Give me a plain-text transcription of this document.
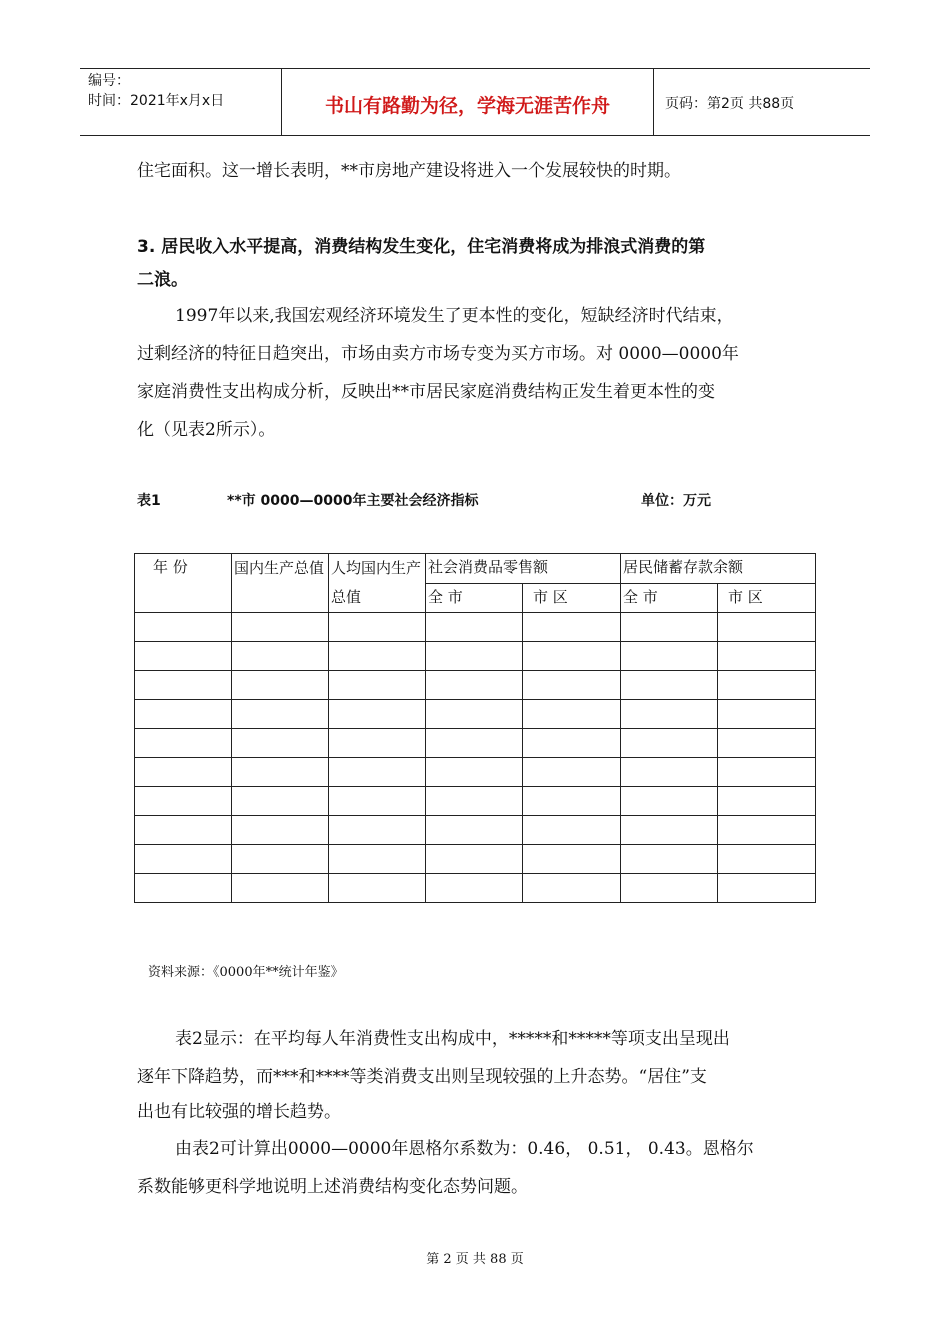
编号：
时间：2021年x月x日	书山有路勤为径，学海无涯苦作舟	页码：第2页 共88页
住宅面积。这一增长表明，**市房地产建设将进入一个发展较快的时期。
3. 居民收入水平提高，消费结构发生变化，住宅消费将成为排浪式消费的第
二浪。
1997年以来,我国宏观经济环境发生了更本性的变化，短缺经济时代结束，
过剩经济的特征日趋突出，市场由卖方市场专变为买方市场。对 0000—0000年
家庭消费性支出构成分析，反映出**市居民家庭消费结构正发生着更本性的变
化（见表2所示）。
表1	**市 0000—0000年主要社会经济指标	单位：万元
年 份	国内生产总值	人均国内生产总值	社会消费品零售额		居民储蓄存款余额	
			全 市	市 区	全 市	市 区

资料来源：《0000年**统计年鉴》
表2显示：在平均每人年消费性支出构成中，*****和*****等项支出呈现出
逐年下降趋势，而***和****等类消费支出则呈现较强的上升态势。“居住”支
出也有比较强的增长趋势。
由表2可计算出0000—0000年恩格尔系数为：0.46， 0.51， 0.43。恩格尔
系数能够更科学地说明上述消费结构变化态势问题。
第 2 页 共 88 页
